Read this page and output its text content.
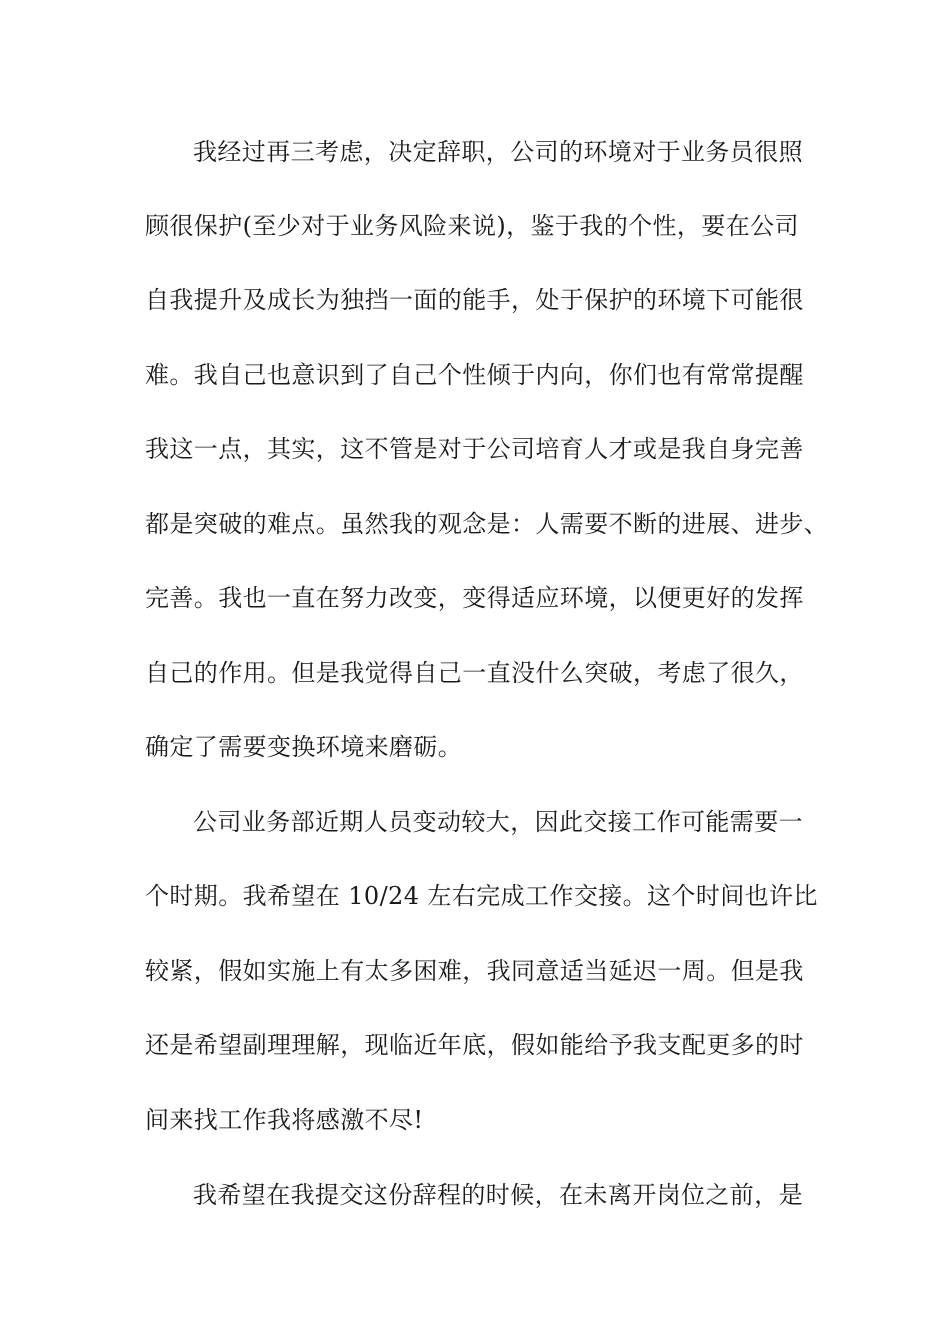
我经过再三考虑，决定辞职，公司的环境对于业务员很照
顾很保护(至少对于业务风险来说)，鉴于我的个性，要在公司
自我提升及成长为独挡一面的能手，处于保护的环境下可能很
难。我自己也意识到了自己个性倾于内向，你们也有常常提醒
我这一点，其实，这不管是对于公司培育人才或是我自身完善
都是突破的难点。虽然我的观念是：人需要不断的进展、进步、
完善。我也一直在努力改变，变得适应环境，以便更好的发挥
自己的作用。但是我觉得自己一直没什么突破，考虑了很久，
确定了需要变换环境来磨砺。
公司业务部近期人员变动较大，因此交接工作可能需要一
个时期。我希望在 10/24 左右完成工作交接。这个时间也许比
较紧，假如实施上有太多困难，我同意适当延迟一周。但是我
还是希望副理理解，现临近年底，假如能给予我支配更多的时
间来找工作我将感激不尽!
我希望在我提交这份辞程的时候，在未离开岗位之前，是
